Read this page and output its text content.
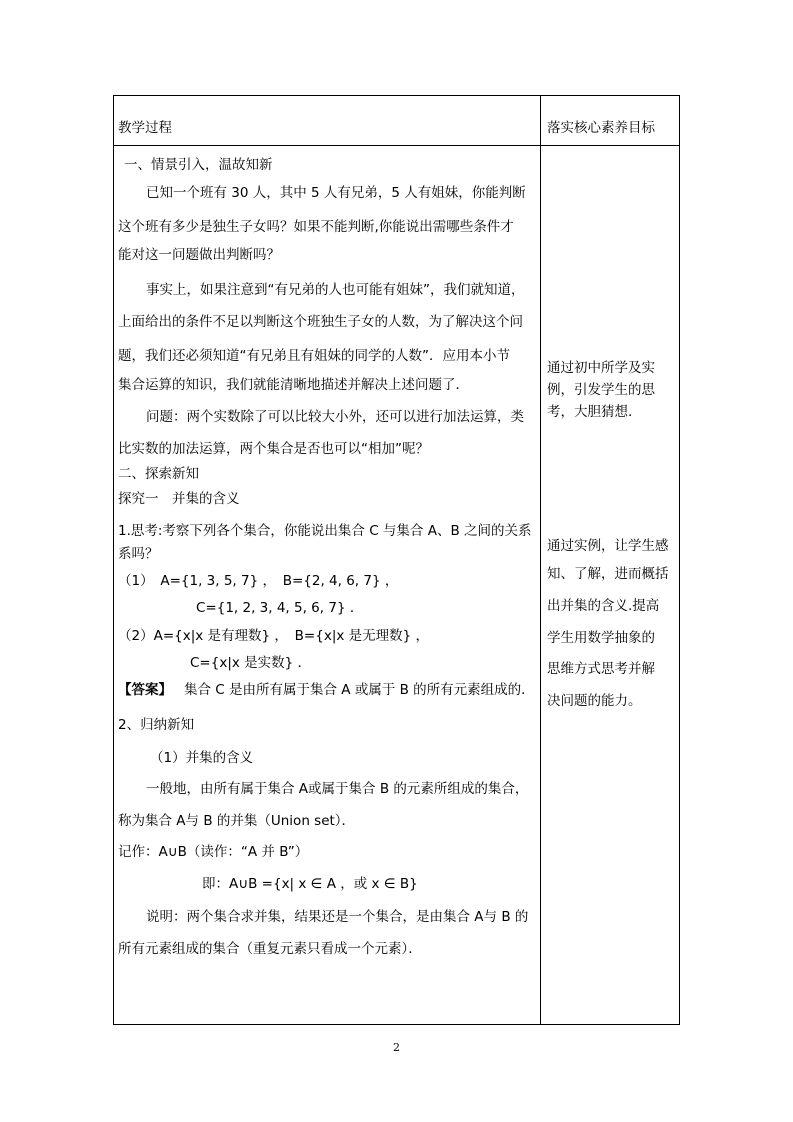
教学过程	落实核心素养目标
一、情景引入，温故知新
已知一个班有 30 人，其中 5 人有兄弟，5 人有姐妹，你能判断
这个班有多少是独生子女吗？如果不能判断,你能说出需哪些条件才
能对这一问题做出判断吗？
事实上，如果注意到“有兄弟的人也可能有姐妹”，我们就知道，
上面给出的条件不足以判断这个班独生子女的人数，为了解决这个问
题，我们还必须知道“有兄弟且有姐妹的同学的人数”．应用本小节
集合运算的知识，我们就能清晰地描述并解决上述问题了．
问题：两个实数除了可以比较大小外，还可以进行加法运算，类
比实数的加法运算，两个集合是否也可以“相加”呢？
二、探索新知
探究一　并集的含义
1.思考:考察下列各个集合，你能说出集合 C 与集合 A、B 之间的关系
系吗？
（1）　A={1, 3, 5, 7} ，　B={2, 4, 6, 7} ，
C={1, 2, 3, 4, 5, 6, 7} ．
（2）A={x|x 是有理数} ，　B={x|x 是无理数} ，
C={x|x 是实数} ．
【答案】 集合 C 是由所有属于集合 A 或属于 B 的所有元素组成的．
2、归纳新知
（1）并集的含义
一般地，由所有属于集合 A或属于集合 B 的元素所组成的集合，
称为集合 A与 B 的并集（Union set）．
记作：A∪B（读作：“A 并 B”）
即：A∪B ={x| x ∈ A ，或 x ∈ B}
说明：两个集合求并集，结果还是一个集合，是由集合 A与 B 的
所有元素组成的集合（重复元素只看成一个元素）．
通过初中所学及实
例，引发学生的思
考，大胆猜想.
通过实例，让学生感
知、了解，进而概括
出并集的含义.提高
学生用数学抽象的
思维方式思考并解
决问题的能力。
2
